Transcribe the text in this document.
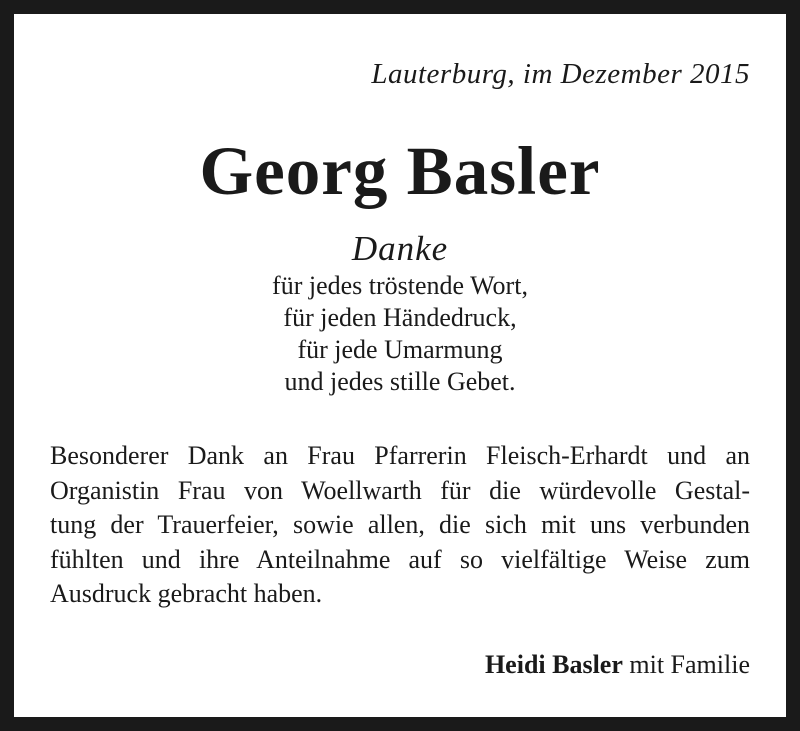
Lauterburg, im Dezember 2015
Georg Basler
Danke
für jedes tröstende Wort,
für jeden Händedruck,
für jede Umarmung
und jedes stille Gebet.
Besonderer Dank an Frau Pfarrerin Fleisch-Erhardt und an
Organistin Frau von Woellwarth für die würdevolle Gestal-
tung der Trauerfeier, sowie allen, die sich mit uns verbunden
fühlten und ihre Anteilnahme auf so vielfältige Weise zum
Ausdruck gebracht haben.
Heidi Basler mit Familie
